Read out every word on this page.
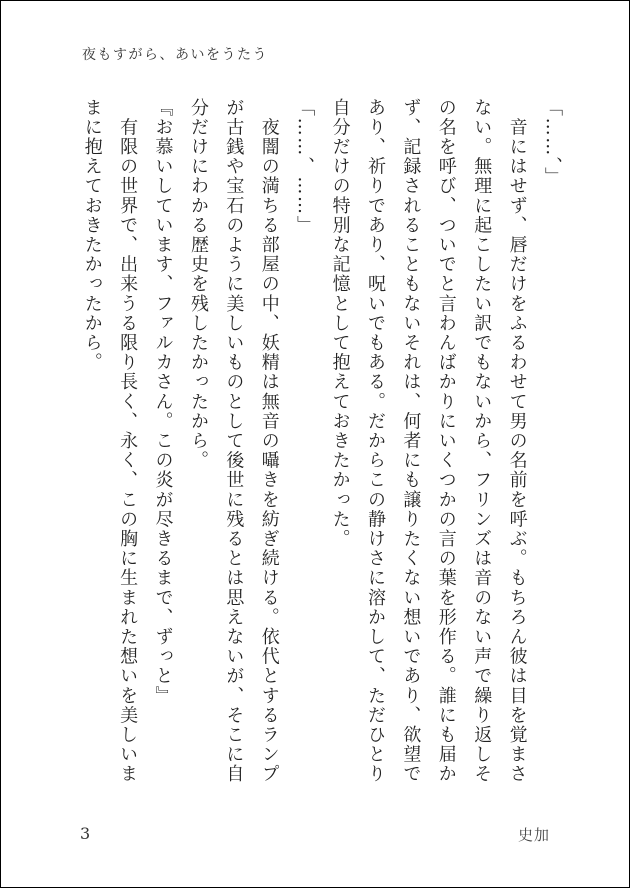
夜もすがら、あいをうたう

「……、」

　音にはせず、唇だけをふるわせて男の名前を呼ぶ。もちろん彼は目を覚まさない。無理に起こしたい訳でもないから、フリンズは音のない声で繰り返しその名を呼び、ついでと言わんばかりにいくつかの言の葉を形作る。誰にも届かず、記録されることもないそれは、何者にも譲りたくない想いであり、欲望であり、祈りであり、呪いでもある。だからこの静けさに溶かして、ただひとり自分だけの特別な記憶として抱えておきたかった。

「……、……」

　夜闇の満ちる部屋の中、妖精は無音の囁きを紡ぎ続ける。依代とするランプが古銭や宝石のように美しいものとして後世に残るとは思えないが、そこに自分だけにわかる歴史を残したかったから。

『お慕いしています、ファルカさん。この炎が尽きるまで、ずっと』

　有限の世界で、出来うる限り長く、永く、この胸に生まれた想いを美しいままに抱えておきたかったから。

3	史加
